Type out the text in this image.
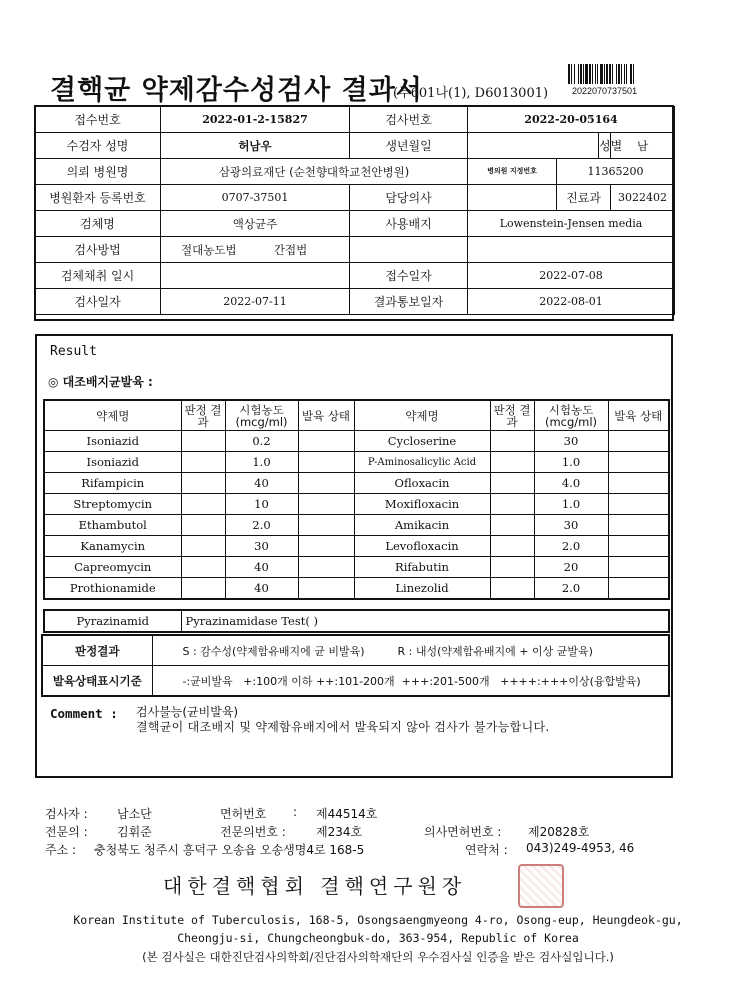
결핵균 약제감수성검사 결과서
(누601나(1), D6013001)	2022070737501
접수번호	2022-01-2-15827	검사번호	2022-20-05164			
수검자 성명	허남우	생년월일			성별	남
의뢰 병원명	삼광의료재단 (순천향대학교천안병원)		병의원 지정번호	11365200		
병원환자 등록번호	0707-37501	담당의사		진료과		3022402
검체명	액상균주	사용배지	Lowenstein-Jensen media			
검사방법	절대농도법 간접법					
검체채취 일시		접수일자	2022-07-08			
검사일자	2022-07-11	결과통보일자	2022-08-01			
Result
◎ 대조배지균발육 :
약제명	판정 결과	시험농도 (mcg/ml)	발육 상태	약제명	판정 결과	시험농도 (mcg/ml)	발육 상태
Isoniazid		0.2		Cycloserine		30	
Isoniazid		1.0		P-Aminosalicylic Acid		1.0	
Rifampicin		40		Ofloxacin		4.0	
Streptomycin		10		Moxifloxacin		1.0	
Ethambutol		2.0		Amikacin		30	
Kanamycin		30		Levofloxacin		2.0	
Capreomycin		40		Rifabutin		20	
Prothionamide		40		Linezolid		2.0	
Pyrazinamid	Pyrazinamidase Test( )
판정결과	S : 감수성(약제함유배지에 균 비발육) R : 내성(약제함유배지에 + 이상 균발육)
발육상태표시기준	-:균비발육   +:100개 이하 ++:101-200개  +++:201-500개   ++++:+++이상(융합발육)
Comment : 검사불능(균비발육)
결핵균이 대조배지 및 약제함유배지에서 발육되지 않아 검사가 불가능합니다.
검사자 : 남소단	면허번호 : 제44514호
전문의 : 김휘준	전문의번호 :	제234호	의사면허번호 : 제20828호
주소 : 충청북도 청주시 흥덕구 오송읍 오송생명4로 168-5	연락처 : 043)249-4953, 46
대한결핵협회 결핵연구원장
Korean Institute of Tuberculosis, 168-5, Osongsaengmyeong 4-ro, Osong-eup, Heungdeok-gu,
Cheongju-si, Chungcheongbuk-do, 363-954, Republic of Korea
(본 검사실은 대한진단검사의학회/진단검사의학재단의 우수검사실 인증을 받은 검사실입니다.)
